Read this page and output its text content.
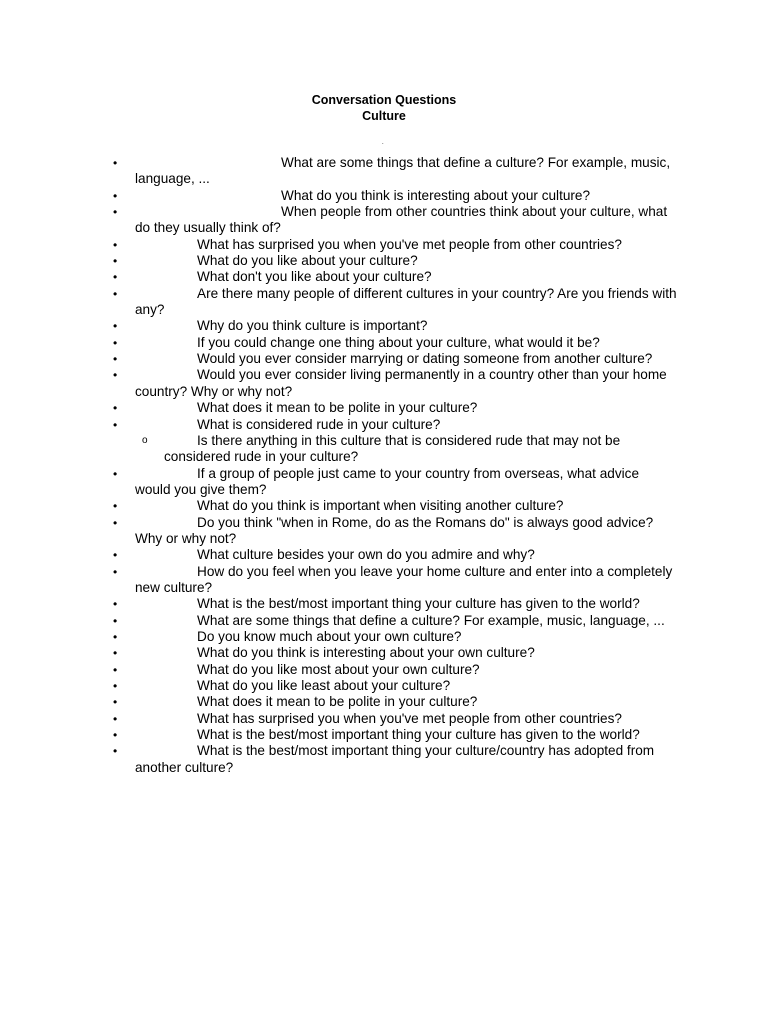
Conversation Questions
Culture
.
•	What are some things that define a culture? For example, music, language, ...
•	What do you think is interesting about your culture?
•	When people from other countries think about your culture, what do they usually think of?
•	What has surprised you when you've met people from other countries?
•	What do you like about your culture?
•	What don't you like about your culture?
•	Are there many people of different cultures in your country? Are you friends with any?
•	Why do you think culture is important?
•	If you could change one thing about your culture, what would it be?
•	Would you ever consider marrying or dating someone from another culture?
•	Would you ever consider living permanently in a country other than your home country? Why or why not?
•	What does it mean to be polite in your culture?
•	What is considered rude in your culture?
o	Is there anything in this culture that is considered rude that may not be considered rude in your culture?
•	If a group of people just came to your country from overseas, what advice would you give them?
•	What do you think is important when visiting another culture?
•	Do you think "when in Rome, do as the Romans do" is always good advice? Why or why not?
•	What culture besides your own do you admire and why?
•	How do you feel when you leave your home culture and enter into a completely new culture?
•	What is the best/most important thing your culture has given to the world?
•	What are some things that define a culture? For example, music, language, ...
•	Do you know much about your own culture?
•	What do you think is interesting about your own culture?
•	What do you like most about your own culture?
•	What do you like least about your culture?
•	What does it mean to be polite in your culture?
•	What has surprised you when you've met people from other countries?
•	What is the best/most important thing your culture has given to the world?
•	What is the best/most important thing your culture/country has adopted from another culture?
